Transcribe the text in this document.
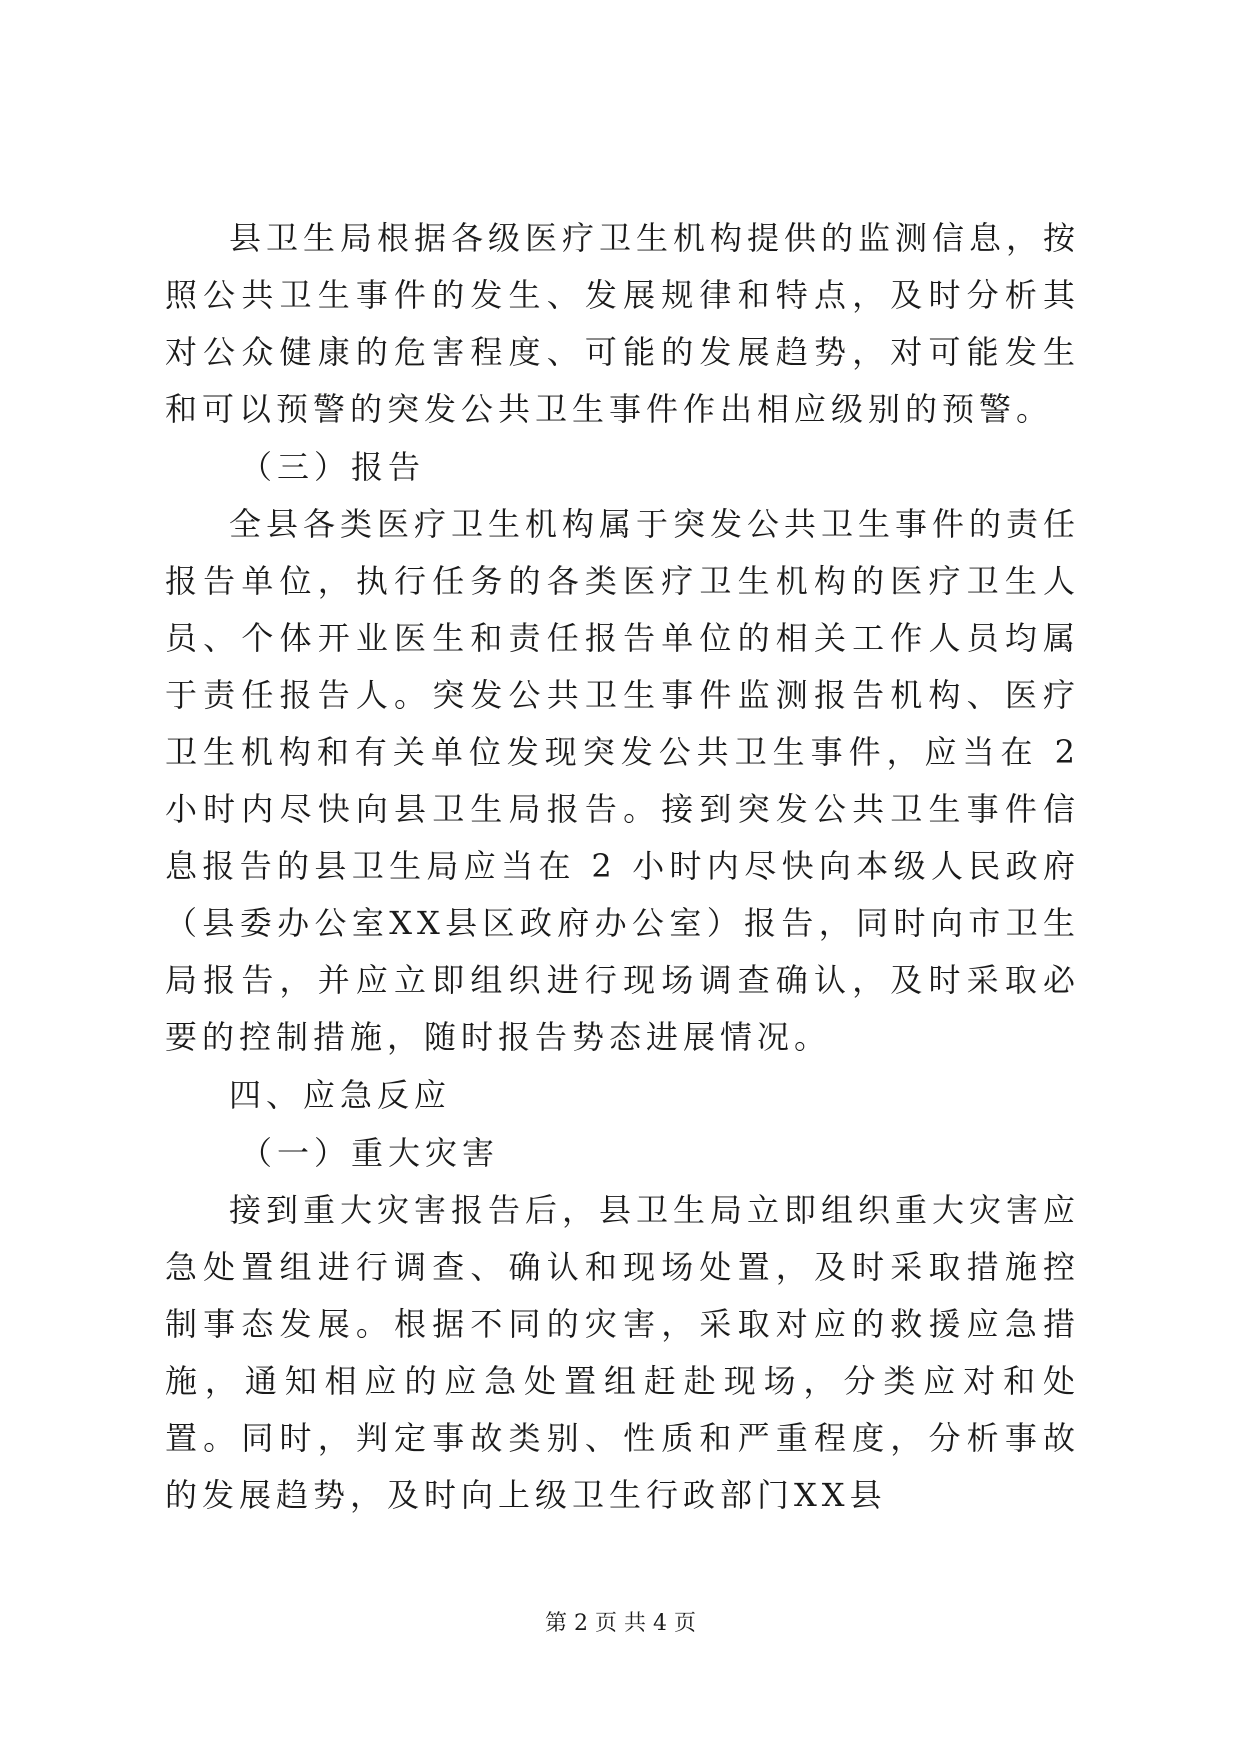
县卫生局根据各级医疗卫生机构提供的监测信息，按照公共卫生事件的发生、发展规律和特点，及时分析其对公众健康的危害程度、可能的发展趋势，对可能发生和可以预警的突发公共卫生事件作出相应级别的预警。

（三）报告

全县各类医疗卫生机构属于突发公共卫生事件的责任报告单位，执行任务的各类医疗卫生机构的医疗卫生人员、个体开业医生和责任报告单位的相关工作人员均属于责任报告人。突发公共卫生事件监测报告机构、医疗卫生机构和有关单位发现突发公共卫生事件，应当在 2 小时内尽快向县卫生局报告。接到突发公共卫生事件信息报告的县卫生局应当在 2 小时内尽快向本级人民政府（县委办公室XX县区政府办公室）报告，同时向市卫生局报告，并应立即组织进行现场调查确认，及时采取必要的控制措施，随时报告势态进展情况。

四、应急反应

（一）重大灾害

接到重大灾害报告后，县卫生局立即组织重大灾害应急处置组进行调查、确认和现场处置，及时采取措施控制事态发展。根据不同的灾害，采取对应的救援应急措施，通知相应的应急处置组赶赴现场，分类应对和处置。同时，判定事故类别、性质和严重程度，分析事故的发展趋势，及时向上级卫生行政部门XX县

第 2 页 共 4 页
